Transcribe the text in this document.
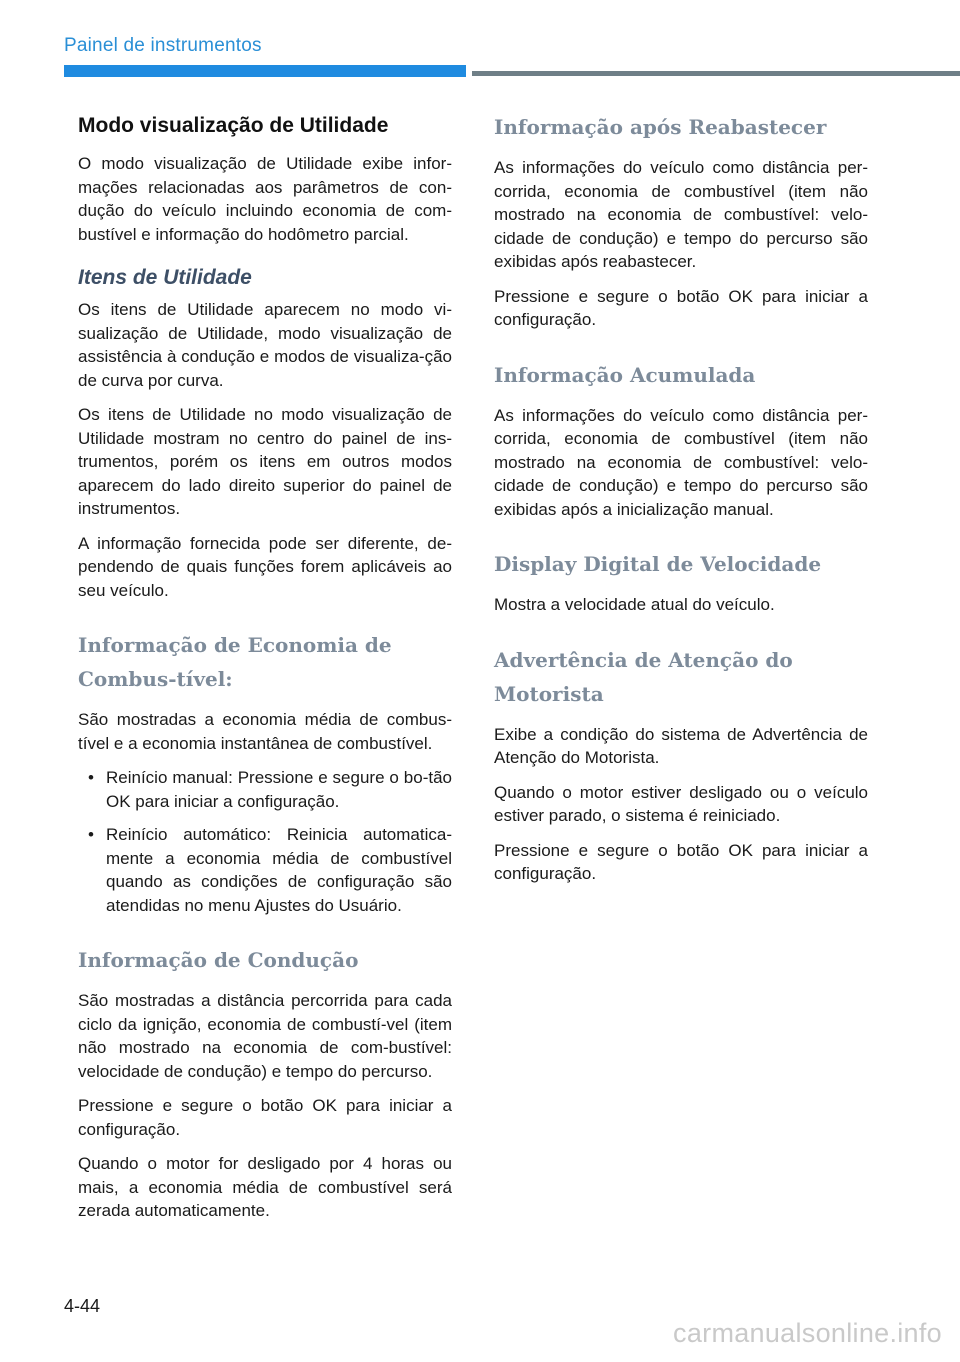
Painel de instrumentos
Modo visualização de Utilidade

O modo visualização de Utilidade exibe infor-mações relacionadas aos parâmetros de con-dução do veículo incluindo economia de com-bustível e informação do hodômetro parcial.

Itens de Utilidade

Os itens de Utilidade aparecem no modo vi-sualização de Utilidade, modo visualização de assistência à condução e modos de visualiza-ção de curva por curva.

Os itens de Utilidade no modo visualização de Utilidade mostram no centro do painel de ins-trumentos, porém os itens em outros modos aparecem do lado direito superior do painel de instrumentos.

A informação fornecida pode ser diferente, de-pendendo de quais funções forem aplicáveis ao seu veículo.

Informação de Economia de Combus-tível:

São mostradas a economia média de combus-tível e a economia instantânea de combustível.

• Reinício manual: Pressione e segure o bo-tão OK para iniciar a configuração.
• Reinício automático: Reinicia automatica-mente a economia média de combustível quando as condições de configuração são atendidas no menu Ajustes do Usuário.
Informação de Condução

São mostradas a distância percorrida para cada ciclo da ignição, economia de combustí-vel (item não mostrado na economia de com-bustível: velocidade de condução) e tempo do percurso.

Pressione e segure o botão OK para iniciar a configuração.

Quando o motor for desligado por 4 horas ou mais, a economia média de combustível será zerada automaticamente.

Informação após Reabastecer

As informações do veículo como distância per-corrida, economia de combustível (item não mostrado na economia de combustível: velo-cidade de condução) e tempo do percurso são exibidas após reabastecer.

Pressione e segure o botão OK para iniciar a configuração.

Informação Acumulada

As informações do veículo como distância per-corrida, economia de combustível (item não mostrado na economia de combustível: velo-cidade de condução) e tempo do percurso são exibidas após a inicialização manual.

Display Digital de Velocidade

Mostra a velocidade atual do veículo.

Advertência de Atenção do Motorista

Exibe a condição do sistema de Advertência de Atenção do Motorista.

Quando o motor estiver desligado ou o veículo estiver parado, o sistema é reiniciado.

Pressione e segure o botão OK para iniciar a configuração.

4-44
carmanualsonline.info
